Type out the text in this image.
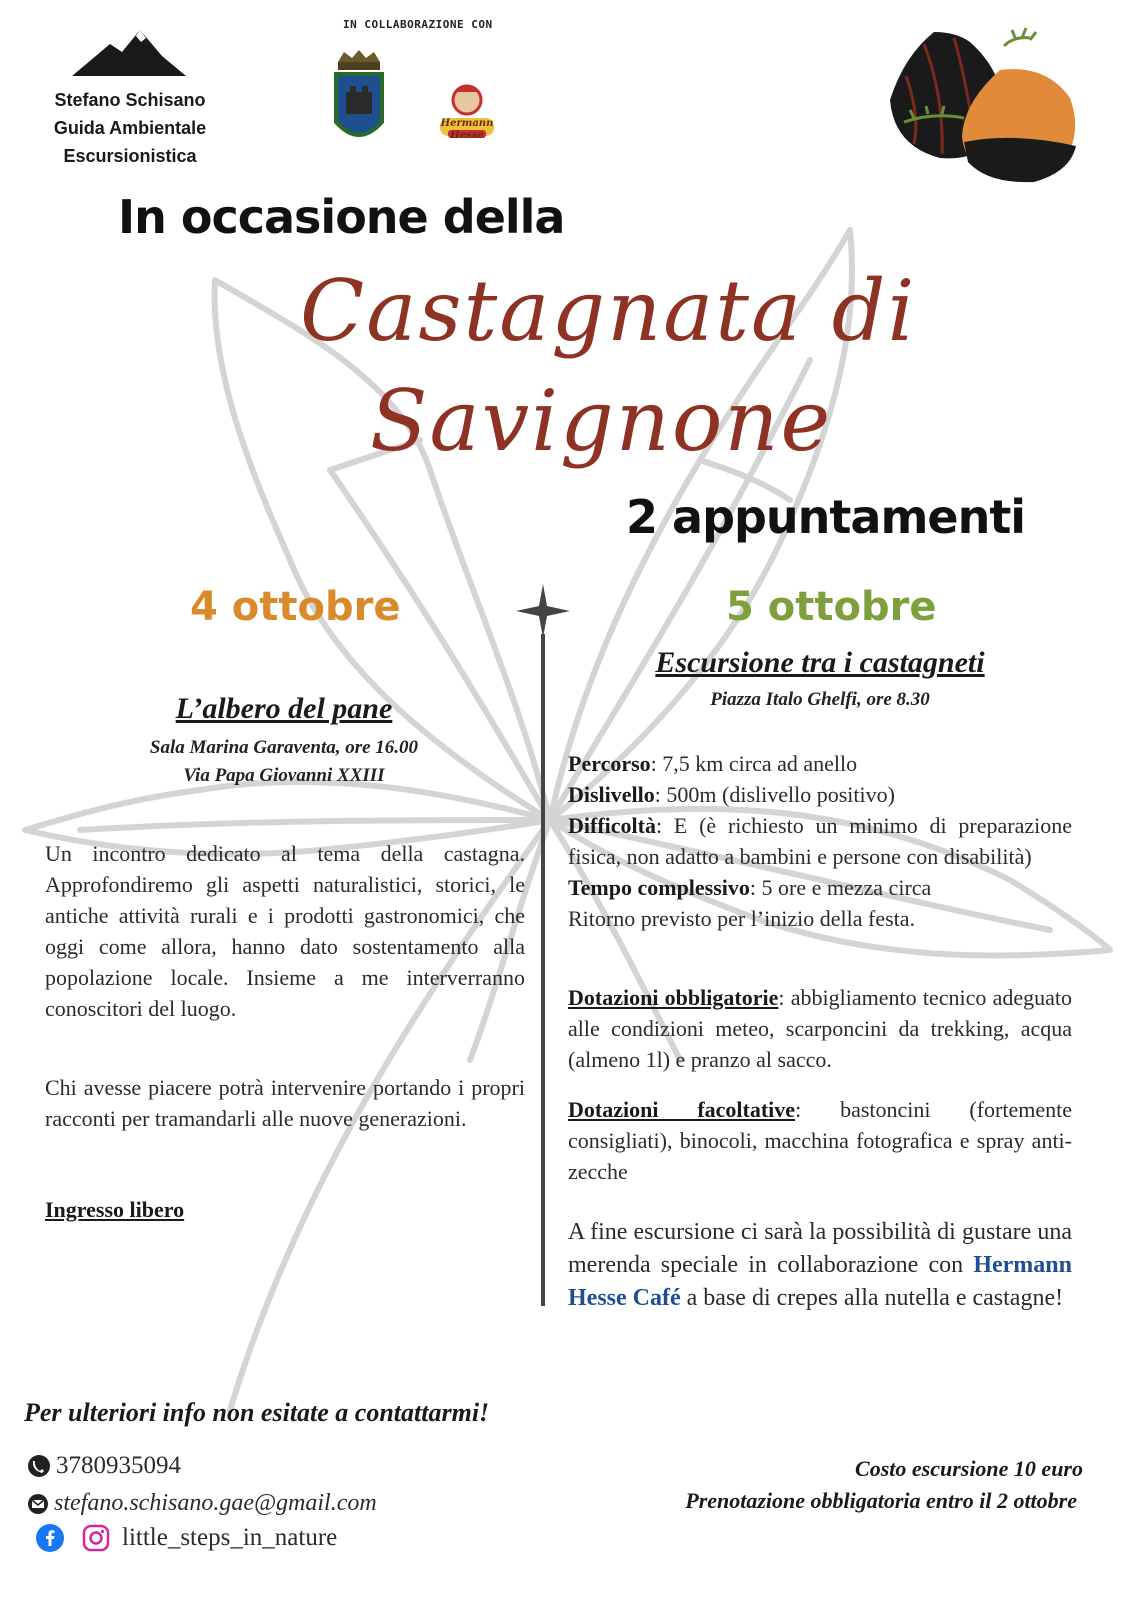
Stefano Schisano
Guida Ambientale
Escursionistica
IN COLLABORAZIONE CON
Hermann Hesse
In occasione della
Castagnata di
Savignone
2 appuntamenti
4 ottobre	5 ottobre
L’albero del pane
Sala Marina Garaventa, ore 16.00
Via Papa Giovanni XXIII
Un incontro dedicato al tema della castagna. Approfondiremo gli aspetti naturalistici, storici, le antiche attività rurali e i prodotti gastronomici, che oggi come allora, hanno dato sostentamento alla popolazione locale. Insieme a me interverranno conoscitori del luogo.
Chi avesse piacere potrà intervenire portando i propri racconti per tramandarli alle nuove generazioni.
Ingresso libero
Escursione tra i castagneti
Piazza Italo Ghelfi, ore 8.30
Percorso: 7,5 km circa ad anello
Dislivello: 500m (dislivello positivo)
Difficoltà: E (è richiesto un minimo di preparazione fisica, non adatto a bambini e persone con disabilità)
Tempo complessivo: 5 ore e mezza circa
Ritorno previsto per l’inizio della festa.
Dotazioni obbligatorie: abbigliamento tecnico adeguato alle condizioni meteo, scarponcini da trekking, acqua (almeno 1l) e pranzo al sacco.
Dotazioni facoltative: bastoncini (fortemente consigliati), binocoli, macchina fotografica e spray anti-zecche
A fine escursione ci sarà la possibilità di gustare una merenda speciale in collaborazione con Hermann Hesse Café a base di crepes alla nutella e castagne!
Per ulteriori info non esitate a contattarmi!
3780935094
stefano.schisano.gae@gmail.com
little_steps_in_nature
Costo escursione 10 euro
Prenotazione obbligatoria entro il 2 ottobre
